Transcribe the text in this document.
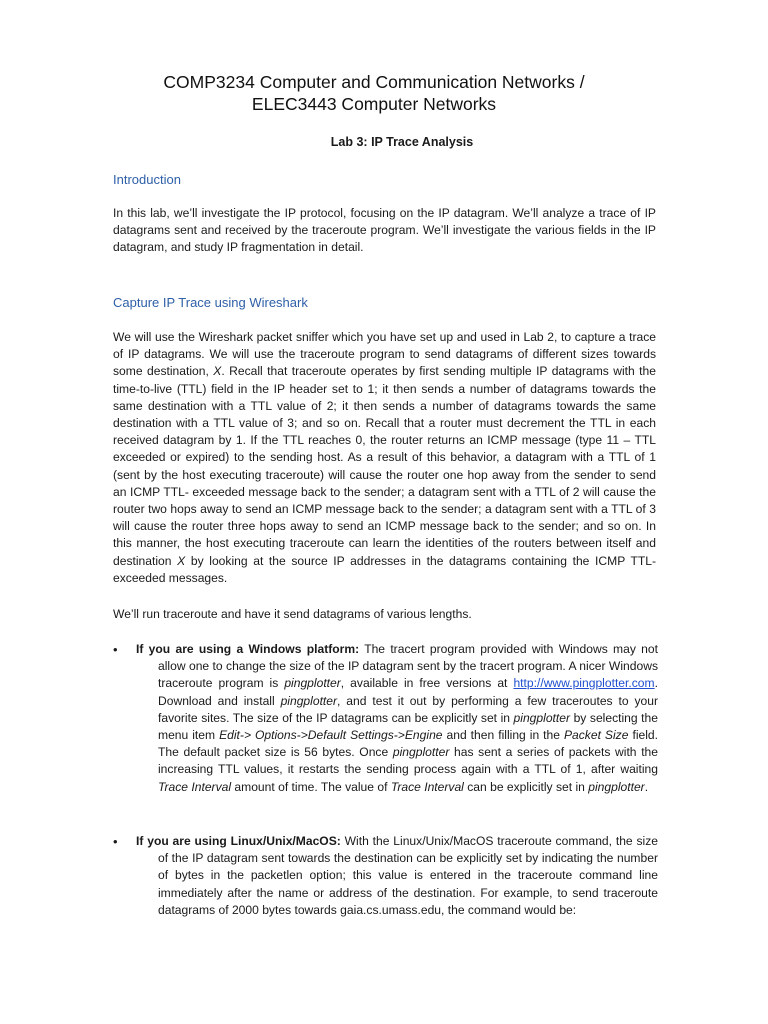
COMP3234 Computer and Communication Networks /
ELEC3443 Computer Networks
Lab 3: IP Trace Analysis
Introduction

In this lab, we’ll investigate the IP protocol, focusing on the IP datagram. We’ll analyze a trace of IP datagrams sent and received by the traceroute program. We’ll investigate the various fields in the IP datagram, and study IP fragmentation in detail.

Capture IP Trace using Wireshark

We will use the Wireshark packet sniffer which you have set up and used in Lab 2, to capture a trace of IP datagrams. We will use the traceroute program to send datagrams of different sizes towards some destination, X. Recall that traceroute operates by first sending multiple IP datagrams with the time-to-live (TTL) field in the IP header set to 1; it then sends a number of datagrams towards the same destination with a TTL value of 2; it then sends a number of datagrams towards the same destination with a TTL value of 3; and so on. Recall that a router must decrement the TTL in each received datagram by 1. If the TTL reaches 0, the router returns an ICMP message (type 11 – TTL exceeded or expired) to the sending host. As a result of this behavior, a datagram with a TTL of 1 (sent by the host executing traceroute) will cause the router one hop away from the sender to send an ICMP TTL- exceeded message back to the sender; a datagram sent with a TTL of 2 will cause the router two hops away to send an ICMP message back to the sender; a datagram sent with a TTL of 3 will cause the router three hops away to send an ICMP message back to the sender; and so on. In this manner, the host executing traceroute can learn the identities of the routers between itself and destination X by looking at the source IP addresses in the datagrams containing the ICMP TTL-exceeded messages.

We’ll run traceroute and have it send datagrams of various lengths.

•	If you are using a Windows platform: The tracert program provided with Windows may not allow one to change the size of the IP datagram sent by the tracert program. A nicer Windows traceroute program is pingplotter, available in free versions at http://www.pingplotter.com. Download and install pingplotter, and test it out by performing a few traceroutes to your favorite sites. The size of the IP datagrams can be explicitly set in pingplotter by selecting the menu item Edit-> Options->Default Settings->Engine and then filling in the Packet Size field. The default packet size is 56 bytes. Once pingplotter has sent a series of packets with the increasing TTL values, it restarts the sending process again with a TTL of 1, after waiting Trace Interval amount of time. The value of Trace Interval can be explicitly set in pingplotter.

•	If you are using Linux/Unix/MacOS: With the Linux/Unix/MacOS traceroute command, the size of the IP datagram sent towards the destination can be explicitly set by indicating the number of bytes in the packetlen option; this value is entered in the traceroute command line immediately after the name or address of the destination. For example, to send traceroute datagrams of 2000 bytes towards gaia.cs.umass.edu, the command would be:
